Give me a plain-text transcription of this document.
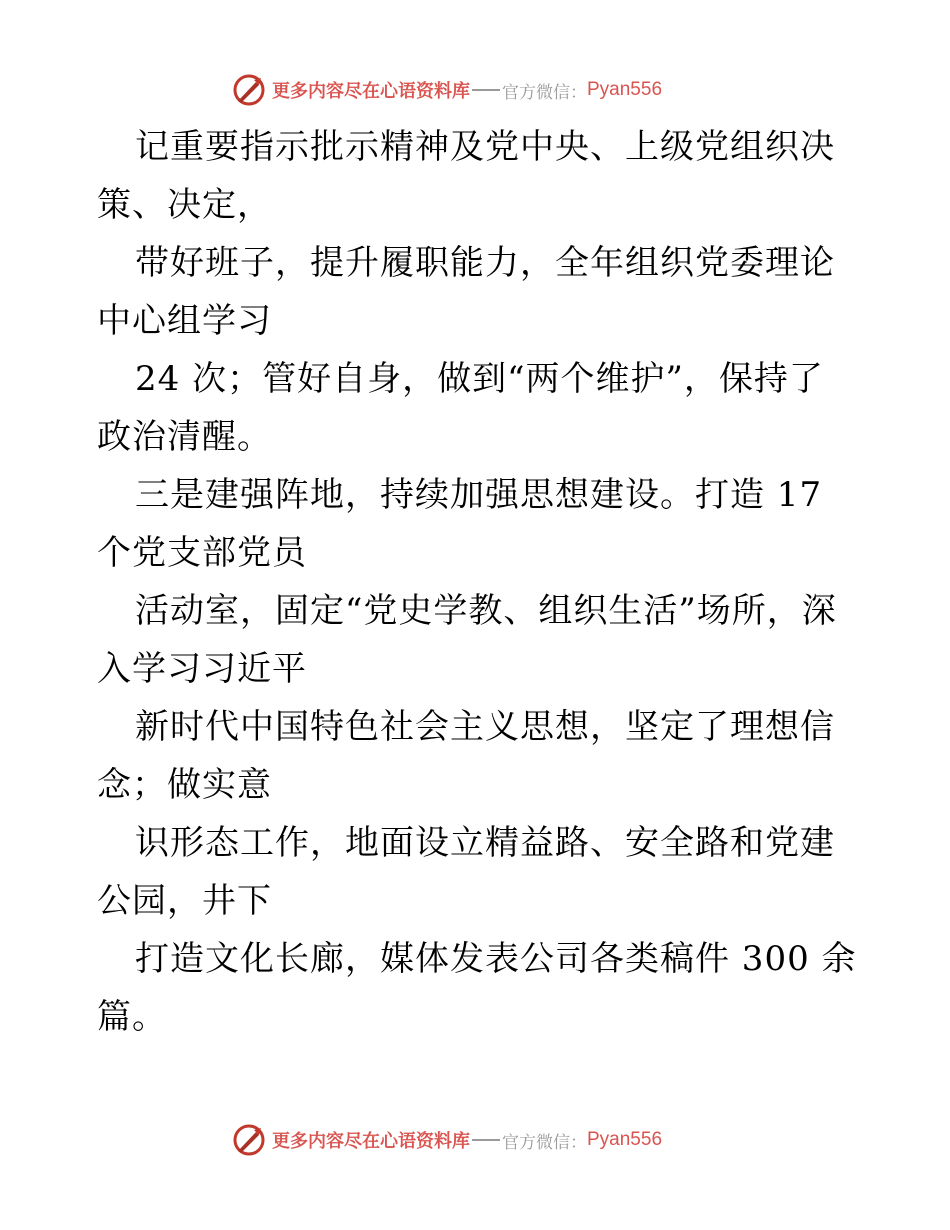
更多内容尽在心语资料库 官方微信： Pyan556

记重要指示批示精神及党中央、上级党组织决策、决定，

带好班子，提升履职能力，全年组织党委理论中心组学习

24 次；管好自身，做到“两个维护”，保持了政治清醒。

三是建强阵地，持续加强思想建设。打造 17 个党支部党员

活动室，固定“党史学教、组织生活”场所，深入学习习近平

新时代中国特色社会主义思想，坚定了理想信念；做实意

识形态工作，地面设立精益路、安全路和党建公园，井下

打造文化长廊，媒体发表公司各类稿件 300 余篇。

更多内容尽在心语资料库 官方微信： Pyan556
